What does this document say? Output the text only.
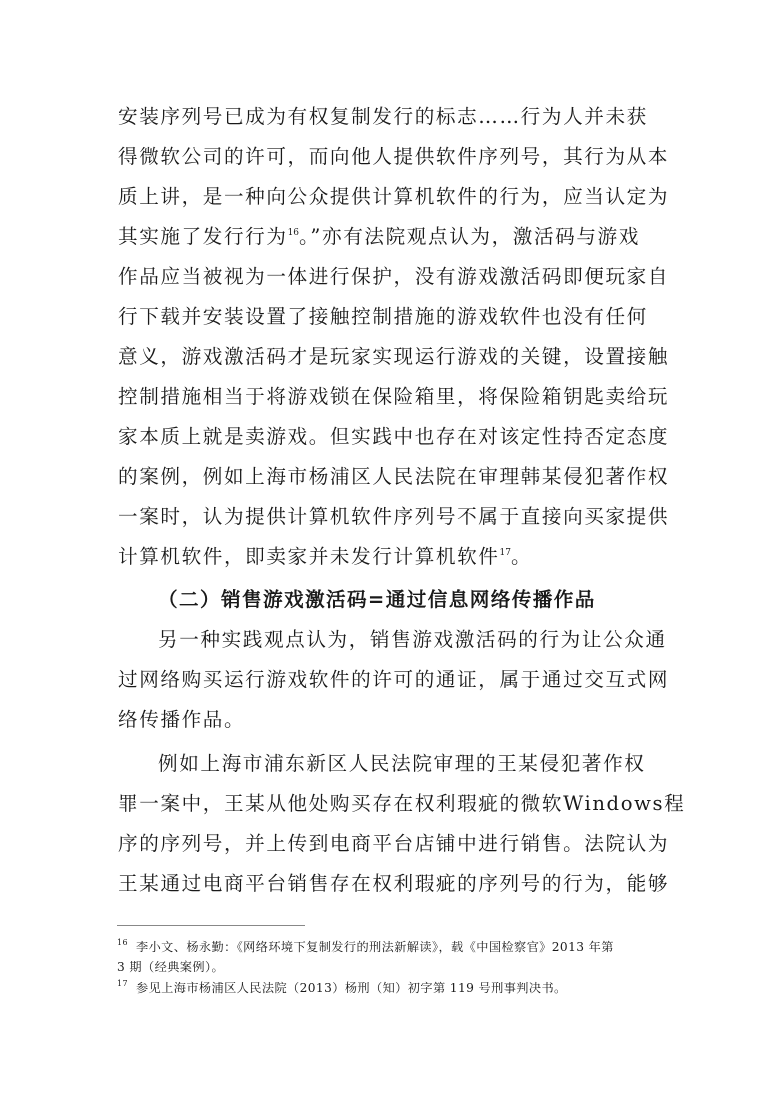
安装序列号已成为有权复制发行的标志……行为人并未获
得微软公司的许可，而向他人提供软件序列号，其行为从本
质上讲，是一种向公众提供计算机软件的行为，应当认定为
其实施了发行行为$^{16}$。”亦有法院观点认为，激活码与游戏
作品应当被视为一体进行保护，没有游戏激活码即便玩家自
行下载并安装设置了接触控制措施的游戏软件也没有任何
意义，游戏激活码才是玩家实现运行游戏的关键，设置接触
控制措施相当于将游戏锁在保险箱里，将保险箱钥匙卖给玩
家本质上就是卖游戏。但实践中也存在对该定性持否定态度
的案例，例如上海市杨浦区人民法院在审理韩某侵犯著作权
一案时，认为提供计算机软件序列号不属于直接向买家提供
计算机软件，即卖家并未发行计算机软件$^{17}$。
（二）销售游戏激活码=通过信息网络传播作品
另一种实践观点认为，销售游戏激活码的行为让公众通
过网络购买运行游戏软件的许可的通证，属于通过交互式网
络传播作品。
例如上海市浦东新区人民法院审理的王某侵犯著作权
罪一案中，王某从他处购买存在权利瑕疵的微软Windows程
序的序列号，并上传到电商平台店铺中进行销售。法院认为
王某通过电商平台销售存在权利瑕疵的序列号的行为，能够
$^{16}$ 李小文、杨永勤：《网络环境下复制发行的刑法新解读》，载《中国检察官》2013 年第
3 期（经典案例）。
$^{17}$ 参见上海市杨浦区人民法院（2013）杨刑（知）初字第 119 号刑事判决书。
